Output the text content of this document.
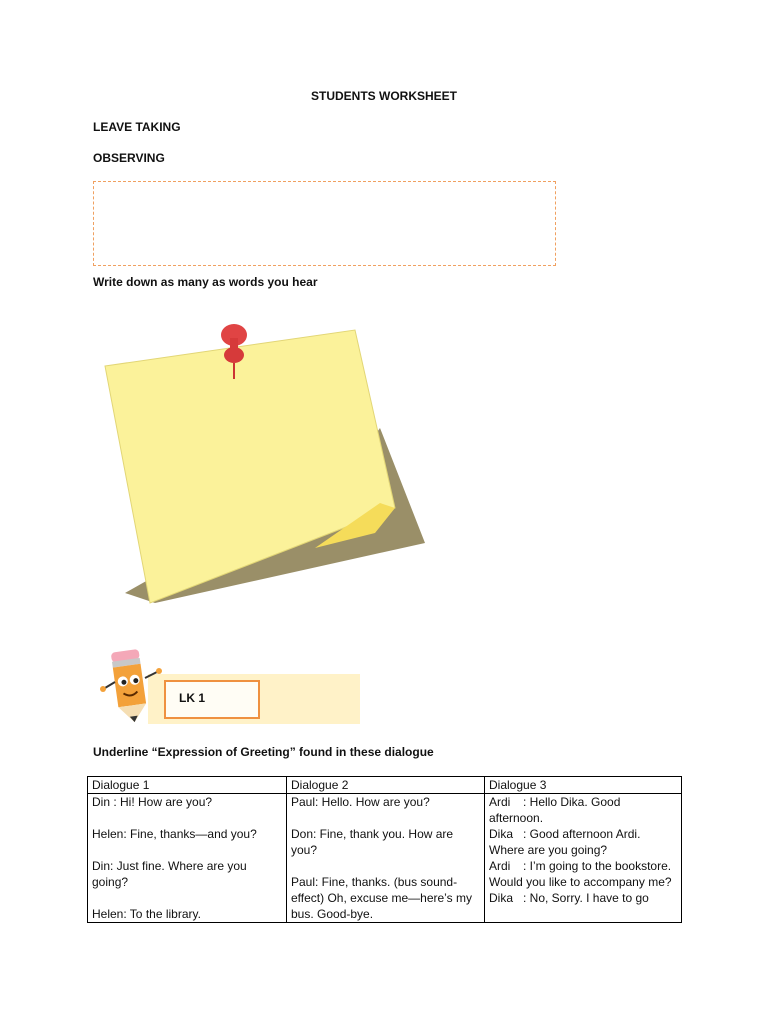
STUDENTS WORKSHEET
LEAVE TAKING
OBSERVING
Write down as many as words you hear
LK 1
Underline “Expression of Greeting” found in these dialogue
Dialogue 1	Dialogue 2	Dialogue 3

Din : Hi! How are you?
Helen: Fine, thanks—and you?
Din: Just fine. Where are you going?
Helen: To the library.	Paul: Hello. How are you?
Don: Fine, thank you. How are you?
Paul: Fine, thanks. (bus sound-effect) Oh, excuse me—here’s my bus. Good-bye.	Ardi : Hello Dika. Good afternoon.
Dika : Good afternoon Ardi. Where are you going?
Ardi : I’m going to the bookstore. Would you like to accompany me?
Dika : No, Sorry. I have to go
